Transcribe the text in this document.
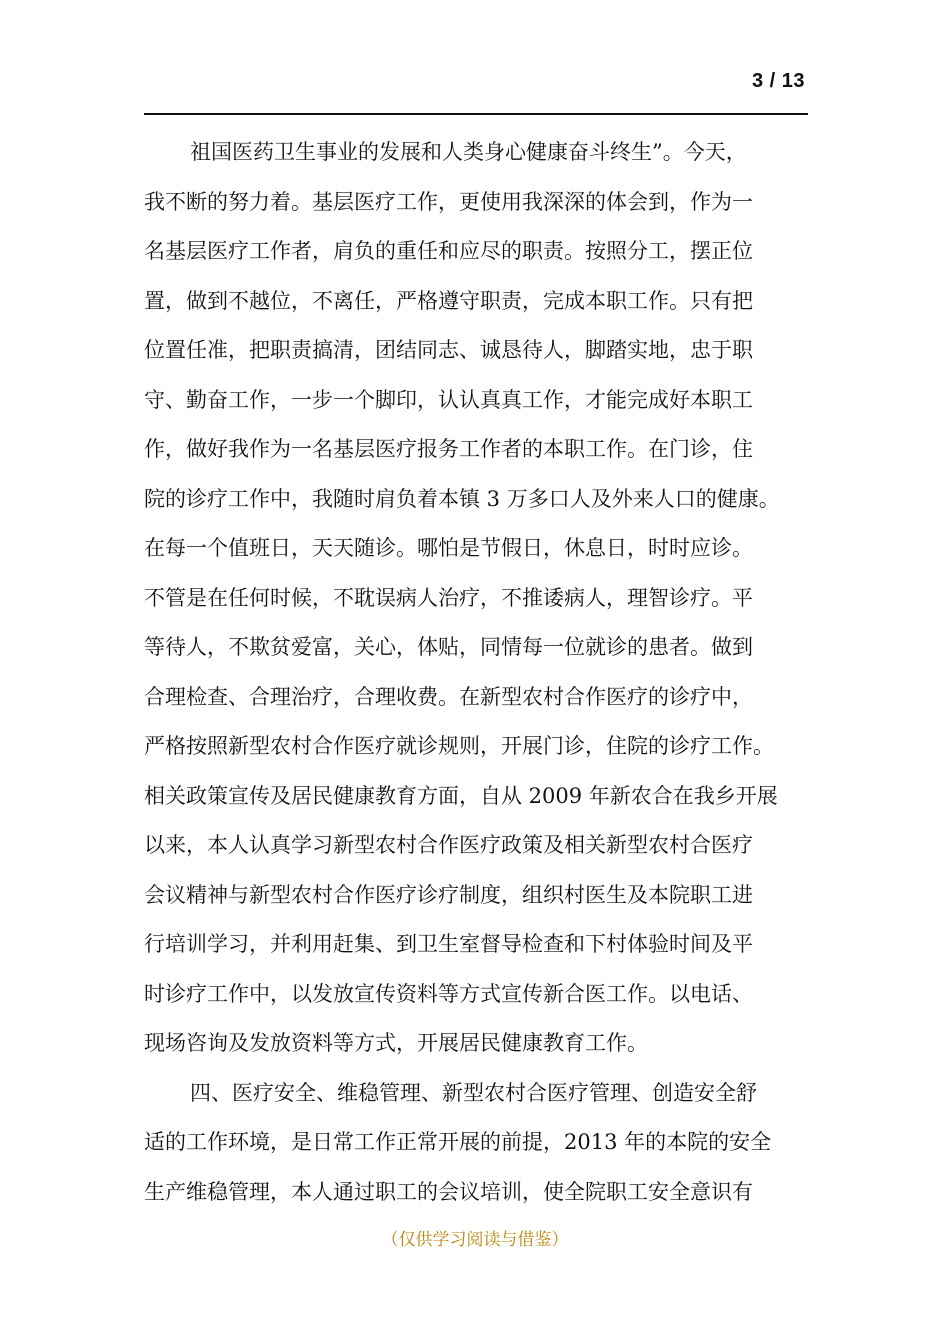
3 / 13
祖国医药卫生事业的发展和人类身心健康奋斗终生”。今天，
我不断的努力着。基层医疗工作，更使用我深深的体会到，作为一
名基层医疗工作者，肩负的重任和应尽的职责。按照分工，摆正位
置，做到不越位，不离任，严格遵守职责，完成本职工作。只有把
位置任准，把职责搞清，团结同志、诚恳待人，脚踏实地，忠于职
守、勤奋工作，一步一个脚印，认认真真工作，才能完成好本职工
作，做好我作为一名基层医疗报务工作者的本职工作。在门诊，住
院的诊疗工作中，我随时肩负着本镇 3 万多口人及外来人口的健康。
在每一个值班日，天天随诊。哪怕是节假日，休息日，时时应诊。
不管是在任何时候，不耽误病人治疗，不推诿病人，理智诊疗。平
等待人，不欺贫爱富，关心，体贴，同情每一位就诊的患者。做到
合理检查、合理治疗，合理收费。在新型农村合作医疗的诊疗中，
严格按照新型农村合作医疗就诊规则，开展门诊，住院的诊疗工作。
相关政策宣传及居民健康教育方面，自从 2009 年新农合在我乡开展
以来，本人认真学习新型农村合作医疗政策及相关新型农村合医疗
会议精神与新型农村合作医疗诊疗制度，组织村医生及本院职工进
行培训学习，并利用赶集、到卫生室督导检查和下村体验时间及平
时诊疗工作中，以发放宣传资料等方式宣传新合医工作。以电话、
现场咨询及发放资料等方式，开展居民健康教育工作。
四、医疗安全、维稳管理、新型农村合医疗管理、创造安全舒
适的工作环境，是日常工作正常开展的前提，2013 年的本院的安全
生产维稳管理，本人通过职工的会议培训，使全院职工安全意识有
（仅供学习阅读与借鉴）
